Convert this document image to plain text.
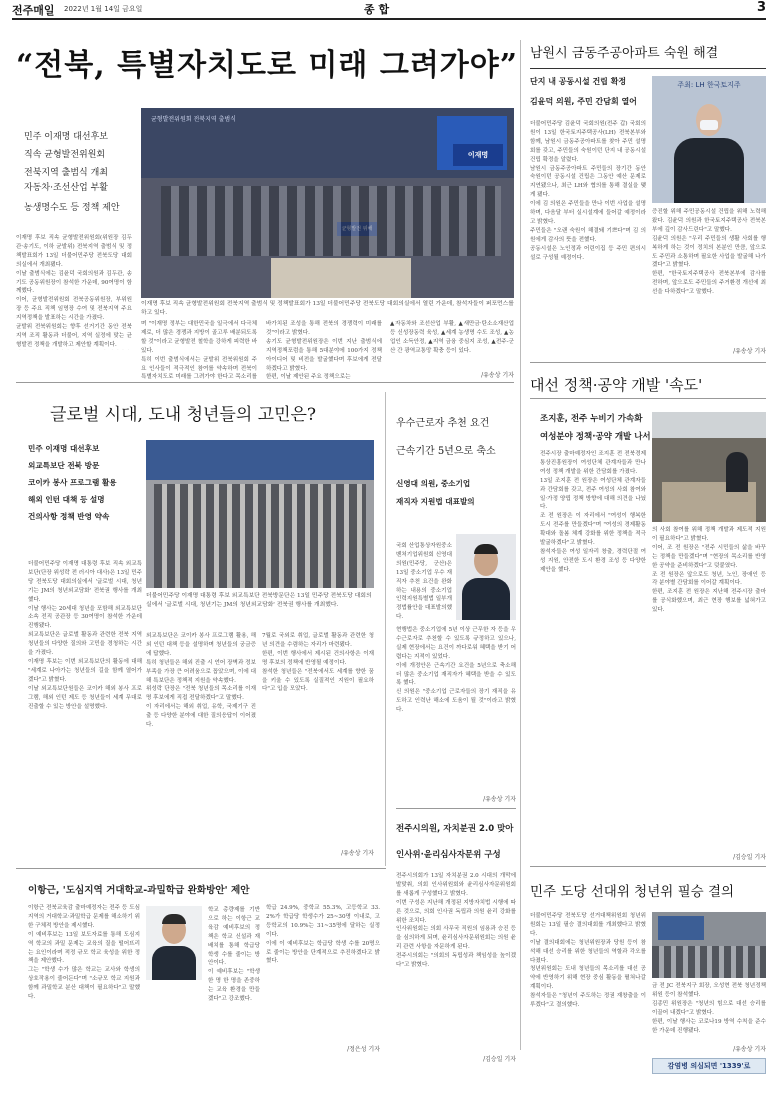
전주매일 2022년 1월 14일 금요일	종 합	3
“전북, 특별자치도로 미래 그려가야”
민주 이재명 대선후보
직속 균형발전위원회
전북지역 출범식 개최
자동차·조선산업 부활
농생명수도 등 정책 제안
균형발전위원회 전북지역 출범식
이재명
이재명 후보 직속 균형발전위원회 전북지역 출범식 및 정책발표회가 13일 더불어민주당 전북도당 대회의실에서 열린 가운데, 참석자들이 퍼포먼스를 하고 있다.
이재명 후보 직속 균형발전위원회(위원장 김두관·송기도, 이하 균발위) 전북지역 출범식 및 정책발표회가 13일 더불어민주당 전북도당 대회의실에서 개최됐다.
이날 출범식에는 김윤덕 국회의원과 김두관, 송기도 공동위원장이 참석한 가운데, 90여명이 함께했다.
이어, 균형발전위원회 전북공동위원장, 부위원장 등 주요 직책 임명장 수여 및 전북지역 주요 지역정책을 발표하는 시간을 가졌다.
균발위 전북위원회는 향후 선거기간 동안 전북지역 조직 활동과 더불어, 지역 실정에 맞는 균형발전 정책을 개발하고 제안할 계획이다.

며 "이재명 정부는 대한민국을 일극에서 다극체제로, 더 많은 경쟁과 지방이 골고루 배분되도록 할 것"이라고 균형발전 철학을 강하게 피력한 바 있다.
특히 이번 출범식에서는 균발위 전북위원회 주요 인사들이 적극적인 참여를 약속하며 전북이 특별자치도로 미래를 그려가야 한다고 목소리를

바가치된 조성을 통해 전북의 경쟁력이 미래를 것"이라고 밝혔다.
송기도 균형발전위원장은 이번 지난 출범식에 지역정책포럼을 통해 5대분야에 100가지 정책 아이디어 및 비전을 발굴했다며 후보에게 전달하겠다고 밝혔다.
한편, 이날 제안된 주요 정책으로는
▲자동차와 조선산업 부활, ▲새만금·탄소소재산업 등 신성장동력 육성, ▲세계 농생명 수도 조성, ▲농업인 소득안정, ▲지역 금융 중심지 조성, ▲전주-군산 간 광역교통망 확충 등이 있다.
/유송상 기자
남원시 금동주공아파트 숙원 해결
단지 내 공동시설 건립 확정
김윤덕 의원, 주민 간담회 열어
더불어민주당 김윤덕 국회의원(전주 갑) 국회의원이 13일 한국토지주택공사(LH) 전북본부와 함께, 남원시 금동주공아파트를 찾아 주민 설명회를 갖고, 주민들의 숙원이던 단지 내 공동시설 건립 확정을 알렸다.
남원시 금동주공아파트 주민들의 장기간 동안 숙원이던 공동시설 건립은 그동안 예산 문제로 지연됐으나, 최근 LH와 협의를 통해 결실을 맺게 됐다.
이에 김 의원은 주민들을 만나 이번 사업을 설명하며, 다음달 부터 실시설계에 들어갈 예정이라고 밝혔다.
주민들은 "오랜 숙원이 해결돼 기쁘다"며 김 의원에게 감사의 뜻을 전했다.
공동시설은 노인정과 어린이집 등 주민 편의시설로 구성될 예정이다.
주최: LH 한국토지주
증진할 위해 주민공동시설 건립을 위해 노력해왔다. 김윤덕 의원과 한국토지주택공사 전북본부에 깊이 감사드린다"고 말했다.
김윤덕 의원은 "우리 주민들의 생활 사회를 행복하게 하는 것이 정치의 본분인 만큼, 앞으로도 주민과 소통하며 필요한 사업을 발굴해 나가겠다"고 밝혔다.
한편, "한국토지주택공사 전북본부에 감사를 전하며, 앞으로도 주민들의 주거환경 개선에 최선을 다하겠다"고 말했다.
/유송상 기자
대선 정책·공약 개발 '속도'
조지훈, 전주 누비기 가속화
여성분야 정책·공약 개발 나서
전주시장 출마예정자인 조지훈 전 전북경제통상진흥원장이 여성단체 관계자들과 만나 여성 정책 개발을 위한 간담회를 가졌다.
13일 조지훈 전 원장은 여성단체 관계자들과 간담회를 갖고, 전주 여성의 사회 참여와 일·가정 양립 정책 방향에 대해 의견을 나눴다.
조 전 원장은 이 자리에서 "여성이 행복한 도시 전주를 만들겠다"며 "여성의 경제활동 확대와 돌봄 체계 강화를 위한 정책을 적극 발굴하겠다"고 밝혔다.
참석자들은 여성 일자리 창출, 경력단절 여성 지원, 안전한 도시 환경 조성 등 다양한 제안을 했다.
의 사회 참여를 위해 정책 개발과 제도적 지원이 필요하다"고 밝혔다.
이어, 조 전 원장은 "전주 시민들의 삶을 바꾸는 정책을 만들겠다"며 "현장의 목소리를 반영한 공약을 준비하겠다"고 덧붙였다.
조 전 원장은 앞으로도 청년, 노인, 장애인 등 각 분야별 간담회를 이어갈 계획이다.
한편, 조지훈 전 원장은 지난해 전주시장 출마를 공식화했으며, 최근 현장 행보를 넓혀가고 있다.
/김승일 기자
민주 도당 선대위 청년위 필승 결의
더불어민주당 전북도당 선거대책위원회 청년위원회는 13일 필승 결의대회를 개최했다고 밝혔다.
이날 결의대회에는 청년위원장과 당원 등이 참석해 대선 승리를 위한 청년들의 역할과 각오를 다졌다.
청년위원회는 도내 청년들의 목소리를 대선 공약에 반영하기 위해 현장 중심 활동을 펼쳐나갈 계획이다.
참석자들은 "청년이 주도하는 정권 재창출을 이루겠다"고 결의했다.
금 전 JC 전북지구 회장, 오성현 전북 청년정책 위원 등이 참석했다.
김종민 위원장은 "청년의 힘으로 대선 승리를 이끌어 내겠다"고 밝혔다.
한편, 이날 행사는 코로나19 방역 수칙을 준수한 가운데 진행됐다.
/유송상 기자
감염병 의심되면 '1339'로
글로벌 시대, 도내 청년들의 고민은?
민주 이재명 대선후보
외교특보단 전북 방문
코이카 봉사 프로그램 활용
해외 인턴 대책 등 설명
건의사항 정책 반영 약속
더불어민주당 이재명 대통령 후보 직속 외교특보단(단장 위성락 전 러시아 대사)은 13일 민주당 전북도당 대회의실에서 '글로벌 시대, 청년기는 JM의 청년외교담화' 전북권 행사를 개최했다.
이날 행사는 20세대 청년을 포함해 외교특보단 소속 전직 공관장 등 30여명이 참석한 가운데 진행됐다.
외교특보단은 글로벌 활동과 관련한 전북 지역 청년들의 다양한 질의와 고민을 경청하는 시간을 가졌다.
이재명 후보는 이번 외교특보단의 활동에 대해 "세계로 나아가는 청년들의 길을 함께 열어가겠다"고 밝혔다.
이날 외교특보단원들은 코이카 해외 봉사 프로그램, 해외 인턴 제도 등 청년들이 세계 무대로 진출할 수 있는 방안을 설명했다.
더불어민주당 이재명 대통령 후보 외교특보단 전북방문단은 13일 민주당 전북도당 대회의실에서 '글로벌 시대, 청년기는 JM의 청년외교담화' 전북권 행사를 개최했다.
외교특보단은 코이카 봉사 프로그램 활용, 해외 인턴 대책 등을 설명하며 청년들의 궁금증에 답했다.
특히 청년들은 해외 진출 시 언어 장벽과 정보 부족을 가장 큰 어려움으로 꼽았으며, 이에 대해 특보단은 정책적 지원을 약속했다.
위성락 단장은 "전북 청년들의 목소리를 이재명 후보에게 직접 전달하겠다"고 말했다.
이 자리에서는 해외 취업, 유학, 국제기구 진출 등 다양한 분야에 대한 질의응답이 이어졌다.
7월로 국외로 취업, 글로벌 활동과 관련한 청년 의견을 수렴하는 자리가 마련됐다.
한편, 이번 행사에서 제시된 건의사항은 이재명 후보의 정책에 반영될 예정이다.
참석한 청년들은 "전북에서도 세계를 향한 꿈을 키울 수 있도록 실질적인 지원이 필요하다"고 입을 모았다.
/유송상 기자
우수근로자 추천 요건
근속기간 5년으로 축소
신영대 의원, 중소기업
재직자 지원법 대표발의
국회 산업통상자원중소벤처기업위원회 신영대 의원(민주당, 군산)은 13일 중소기업 우수 재직자 추천 요건을 완화하는 내용의 중소기업 인력지원특별법 일부개정법률안을 대표발의했다.
현행법은 중소기업에 5년 이상 근무한 자 등을 우수근로자로 추천할 수 있도록 규정하고 있으나, 실제 현장에서는 요건이 까다로워 혜택을 받기 어렵다는 지적이 있었다.
이에 개정안은 근속기간 요건을 5년으로 축소해 더 많은 중소기업 재직자가 혜택을 받을 수 있도록 했다.
신 의원은 "중소기업 근로자들의 장기 재직을 유도하고 인력난 해소에 도움이 될 것"이라고 밝혔다.
/유송상 기자
전주시의원, 자치분권 2.0 맞아
인사위·윤리심사자문위 구성
전주시의회가 13일 자치분권 2.0 시대의 개막에 발맞춰, 의회 인사위원회와 윤리심사자문위원회를 새롭게 구성했다고 밝혔다.
이번 구성은 지난해 개정된 지방자치법 시행에 따른 것으로, 의회 인사권 독립과 의원 윤리 강화를 위한 조치다.
인사위원회는 의회 사무국 직원의 임용과 승진 등을 심의하게 되며, 윤리심사자문위원회는 의원 윤리 관련 사항을 자문하게 된다.
전주시의회는 "의회의 독립성과 책임성을 높이겠다"고 밝혔다.
/김승일 기자
이항근, '도심지역 거대학교-과밀학급 완화방안' 제안
이항근 전북교육감 출마예정자는 전주 등 도심지역의 거대학교·과밀학급 문제를 해소하기 위한 구체적 방안을 제시했다.
이 예비후보는 13일 보도자료를 통해 도심지역 학교의 과밀 문제는 교육의 질을 떨어뜨리는 요인이라며 적정 규모 학교 육성을 위한 정책을 제안했다.
그는 "학생 수가 많은 학교는 교사와 학생의 상호작용이 줄어든다"며 "소규모 학교 지원과 함께 과밀학교 분산 대책이 필요하다"고 말했다.
학교 총량제를 기반으로 하는 이항근 교육감 예비후보의 정책은 학교 신설과 재배치를 통해 학급당 학생 수를 줄이는 방안이다.
이 예비후보는 "학생 한 명 한 명을 존중하는 교육 환경을 만들겠다"고 강조했다.
학급 24.9%, 중학교 55.3%, 고등학교 33.2%가 학급당 학생수가 25~30명 이내로, 고등학교의 10.9%는 31~35명에 달하는 실정이다.
이에 이 예비후보는 학급당 학생 수를 20명으로 줄이는 방안을 단계적으로 추진하겠다고 밝혔다.
/정은성 기자
